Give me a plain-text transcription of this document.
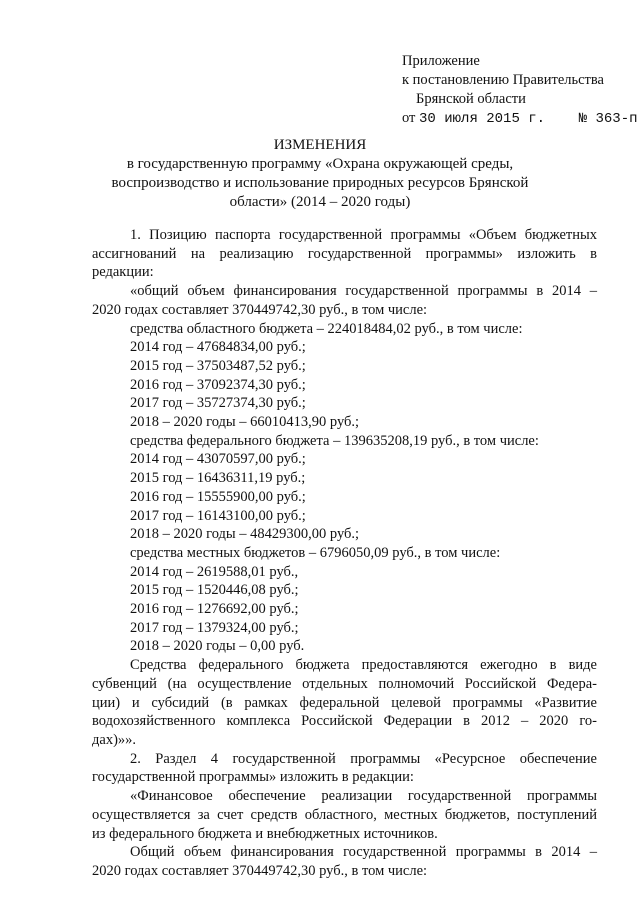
Приложение
к постановлению Правительства
Брянской области
от 30 июля 2015 г. № 363-п
ИЗМЕНЕНИЯ
в государственную программу «Охрана окружающей среды,
воспроизводство и использование природных ресурсов Брянской
области» (2014 – 2020 годы)
1. Позицию паспорта государственной программы «Объем бюджетных
ассигнований на реализацию государственной программы» изложить в
редакции:
«общий объем финансирования государственной программы в 2014 –
2020 годах составляет 370449742,30 руб., в том числе:
средства областного бюджета – 224018484,02 руб., в том числе:
2014 год – 47684834,00 руб.;
2015 год – 37503487,52 руб.;
2016 год – 37092374,30 руб.;
2017 год – 35727374,30 руб.;
2018 – 2020 годы – 66010413,90 руб.;
средства федерального бюджета – 139635208,19 руб., в том числе:
2014 год – 43070597,00 руб.;
2015 год – 16436311,19 руб.;
2016 год – 15555900,00 руб.;
2017 год – 16143100,00 руб.;
2018 – 2020 годы – 48429300,00 руб.;
средства местных бюджетов – 6796050,09 руб., в том числе:
2014 год – 2619588,01 руб.,
2015 год – 1520446,08 руб.;
2016 год – 1276692,00 руб.;
2017 год – 1379324,00 руб.;
2018 – 2020 годы – 0,00 руб.
Средства федерального бюджета предоставляются ежегодно в виде
субвенций (на осуществление отдельных полномочий Российской Федера-
ции) и субсидий (в рамках федеральной целевой программы «Развитие
водохозяйственного комплекса Российской Федерации в 2012 – 2020 го-
дах)»».
2. Раздел 4 государственной программы «Ресурсное обеспечение
государственной программы» изложить в редакции:
«Финансовое обеспечение реализации государственной программы
осуществляется за счет средств областного, местных бюджетов, поступлений
из федерального бюджета и внебюджетных источников.
Общий объем финансирования государственной программы в 2014 –
2020 годах составляет 370449742,30 руб., в том числе:
